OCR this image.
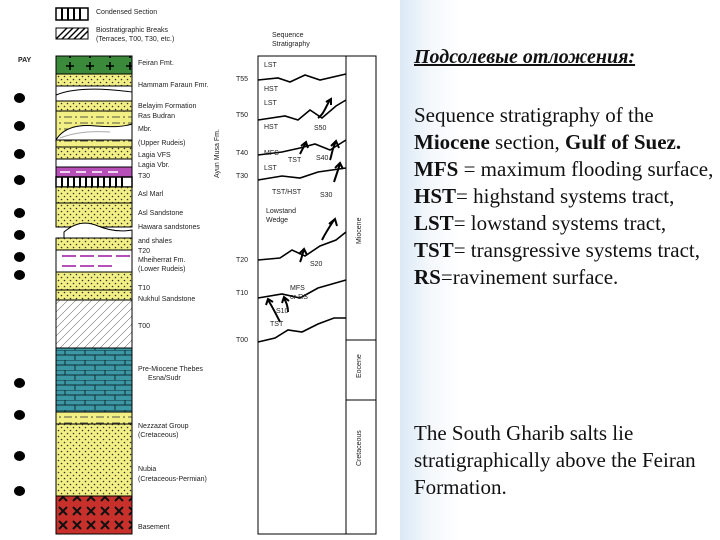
Condensed Section
Biostratigraphic Breaks
(Terraces, T00, T30, etc.)
PAY	Feiran Fmt.
Hammam Faraun Fmr.
Belayim Formation
Ras Budran
Mbr.
(Upper Rudeis)
Lagia VFS
Lagia Vbr.
T30
Asl Marl
Asl Sandstone
Hawara sandstones
and shales
T20
Mheiherrat Fm.
(Lower Rudeis)
T10
Nukhul Sandstone
T00
Pre-Miocene Thebes
Esna/Sudr
Nezzazat Group
(Cretaceous)
Nubia
(Cretaceous-Permian)
Basement
Ayun Musa Fm.
T55
T50
T40
T30
T20
T10
T00
Sequence
Stratigraphy
LST
HST
LST
HST
MFS
TST
LST
TST/HST
Lowstand
Wedge
MFS
or RS
TST
S50
S40
S30
S20
S10
Miocene
Eocene
Cretaceous
Подсолевые отложения:
Sequence stratigraphy of the Miocene section, Gulf of Suez.
MFS = maximum flooding surface,
HST= highstand systems tract,
LST= lowstand systems tract,
TST= transgressive systems tract,
RS=ravinement surface.
The South Gharib salts lie stratigraphically above the Feiran Formation.
